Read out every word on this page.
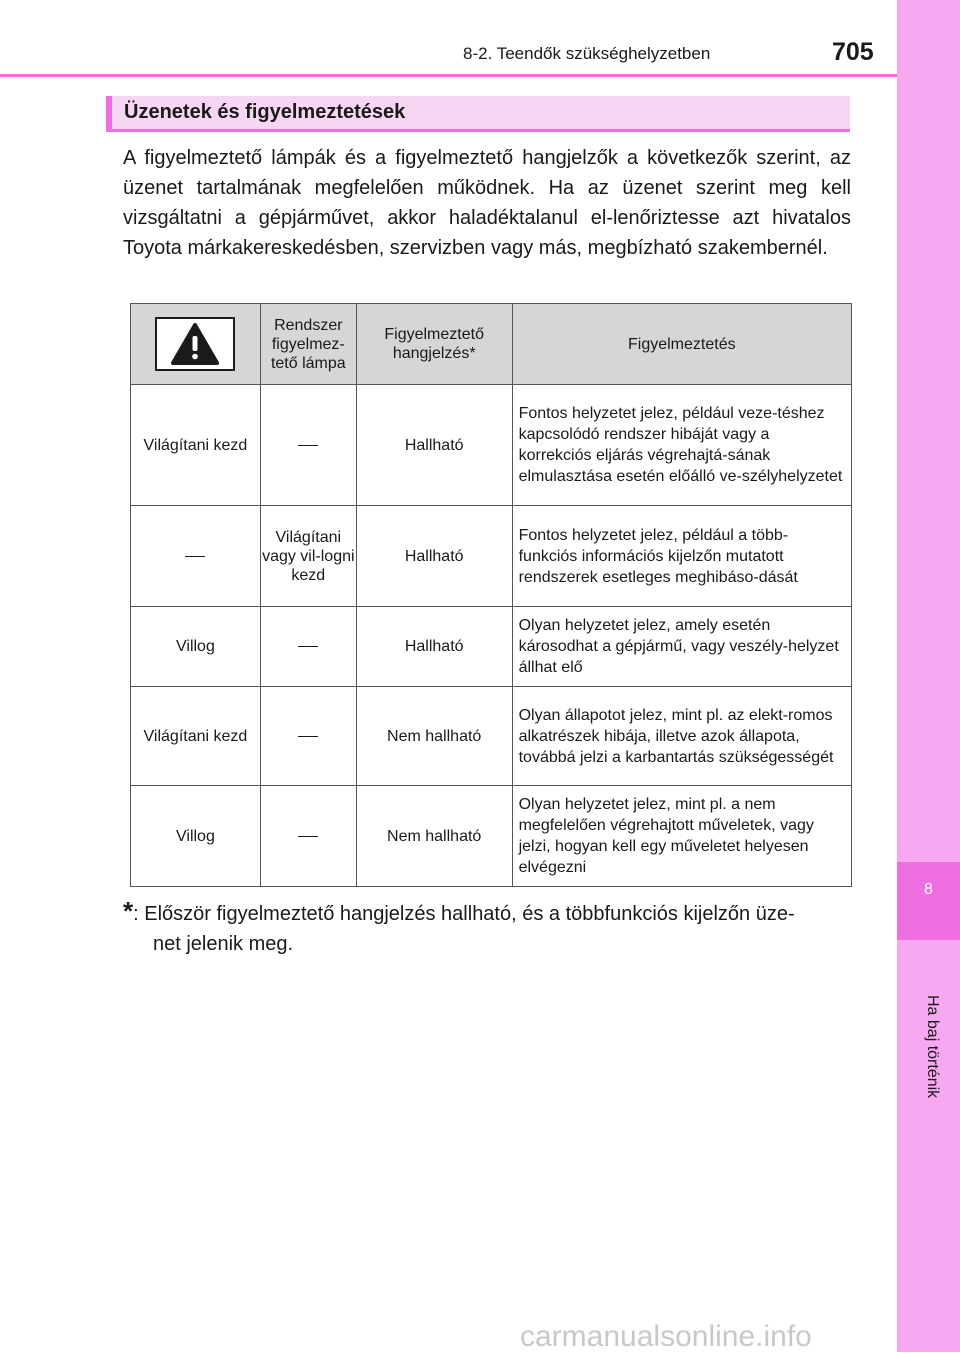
8
Ha baj történik
8-2. Teendők szükséghelyzetben	705
Üzenetek és figyelmeztetések
A figyelmeztető lámpák és a figyelmeztető hangjelzők a következők szerint, az üzenet tartalmának megfelelően működnek. Ha az üzenet szerint meg kell vizsgáltatni a gépjárművet, akkor haladéktalanul el-lenőriztesse azt hivatalos Toyota márkakereskedésben, szervizben vagy más, megbízható szakembernél.
	Rendszer figyelmez-tető lámpa	Figyelmeztető hangjelzés*	Figyelmeztetés
Világítani kezd		Hallható	Fontos helyzetet jelez, például veze-téshez kapcsolódó rendszer hibáját vagy a korrekciós eljárás végrehajtá-sának elmulasztása esetén előálló ve-szélyhelyzetet
	Világítani vagy vil-logni kezd	Hallható	Fontos helyzetet jelez, például a több-funkciós információs kijelzőn mutatott rendszerek esetleges meghibáso-dását
Villog		Hallható	Olyan helyzetet jelez, amely esetén károsodhat a gépjármű, vagy veszély-helyzet állhat elő
Világítani kezd		Nem hallható	Olyan állapotot jelez, mint pl. az elekt-romos alkatrészek hibája, illetve azok állapota, továbbá jelzi a karbantartás szükségességét
Villog		Nem hallható	Olyan helyzetet jelez, mint pl. a nem megfelelően végrehajtott műveletek, vagy jelzi, hogyan kell egy műveletet helyesen elvégezni
*: Először figyelmeztető hangjelzés hallható, és a többfunkciós kijelzőn üze-
net jelenik meg.
carmanualsonline.info
